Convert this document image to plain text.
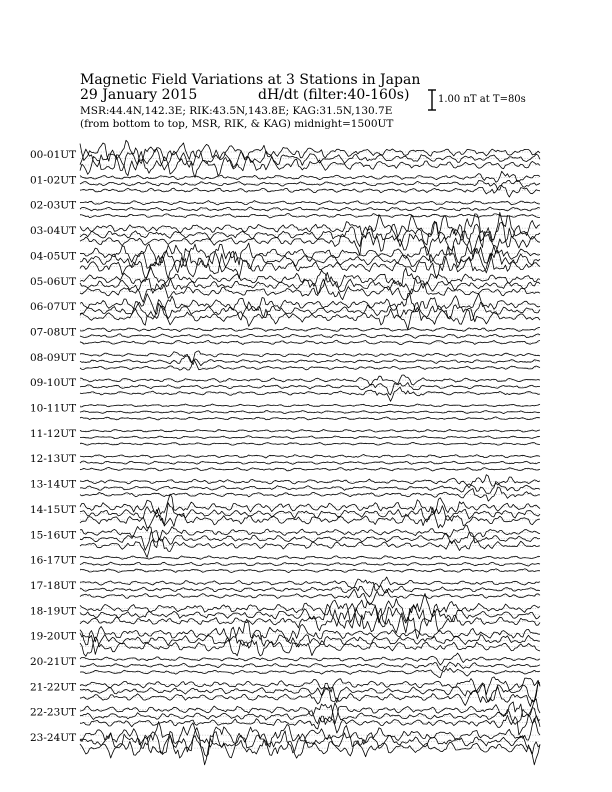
Magnetic Field Variations at 3 Stations in Japan
29 January 2015	dH/dt (filter:40-160s)
MSR:44.4N,142.3E; RIK:43.5N,143.8E; KAG:31.5N,130.7E
(from bottom to top, MSR, RIK, & KAG) midnight=1500UT
1.00 nT at T=80s
00-01UT
01-02UT
02-03UT
03-04UT
04-05UT
05-06UT
06-07UT
07-08UT
08-09UT
09-10UT
10-11UT
11-12UT
12-13UT
13-14UT
14-15UT
15-16UT
16-17UT
17-18UT
18-19UT
19-20UT
20-21UT
21-22UT
22-23UT
23-24UT
